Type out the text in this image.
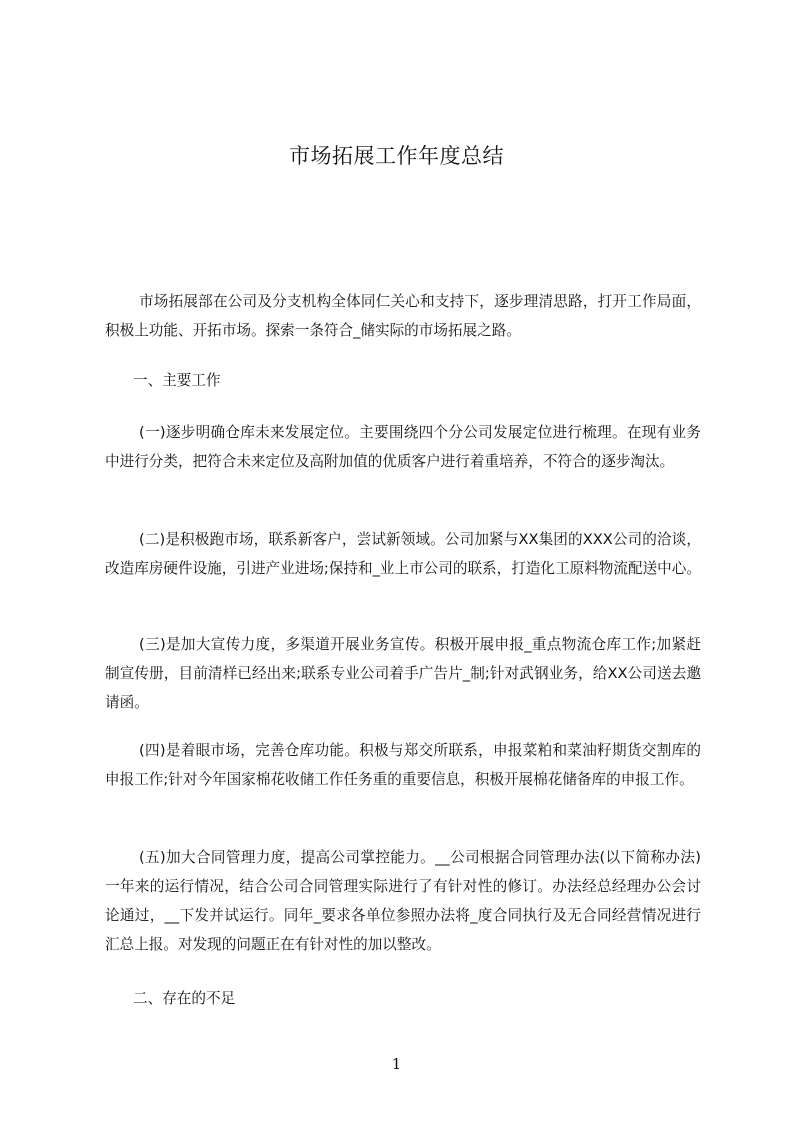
市场拓展工作年度总结

市场拓展部在公司及分支机构全体同仁关心和支持下，逐步理清思路，打开工作局面，积极上功能、开拓市场。探索一条符合_储实际的市场拓展之路。

一、主要工作

(一)逐步明确仓库未来发展定位。主要围绕四个分公司发展定位进行梳理。在现有业务中进行分类，把符合未来定位及高附加值的优质客户进行着重培养，不符合的逐步淘汰。

(二)是积极跑市场，联系新客户，尝试新领域。公司加紧与XX集团的XXX公司的洽谈，改造库房硬件设施，引进产业进场;保持和_业上市公司的联系，打造化工原料物流配送中心。

(三)是加大宣传力度，多渠道开展业务宣传。积极开展申报_重点物流仓库工作;加紧赶制宣传册，目前清样已经出来;联系专业公司着手广告片_制;针对武钢业务，给XX公司送去邀请函。

(四)是着眼市场，完善仓库功能。积极与郑交所联系，申报菜粕和菜油籽期货交割库的申报工作;针对今年国家棉花收储工作任务重的重要信息，积极开展棉花储备库的申报工作。

(五)加大合同管理力度，提高公司掌控能力。__公司根据合同管理办法(以下简称办法)一年来的运行情况，结合公司合同管理实际进行了有针对性的修订。办法经总经理办公会讨论通过，__下发并试运行。同年_要求各单位参照办法将_度合同执行及无合同经营情况进行汇总上报。对发现的问题正在有针对性的加以整改。

二、存在的不足

1
